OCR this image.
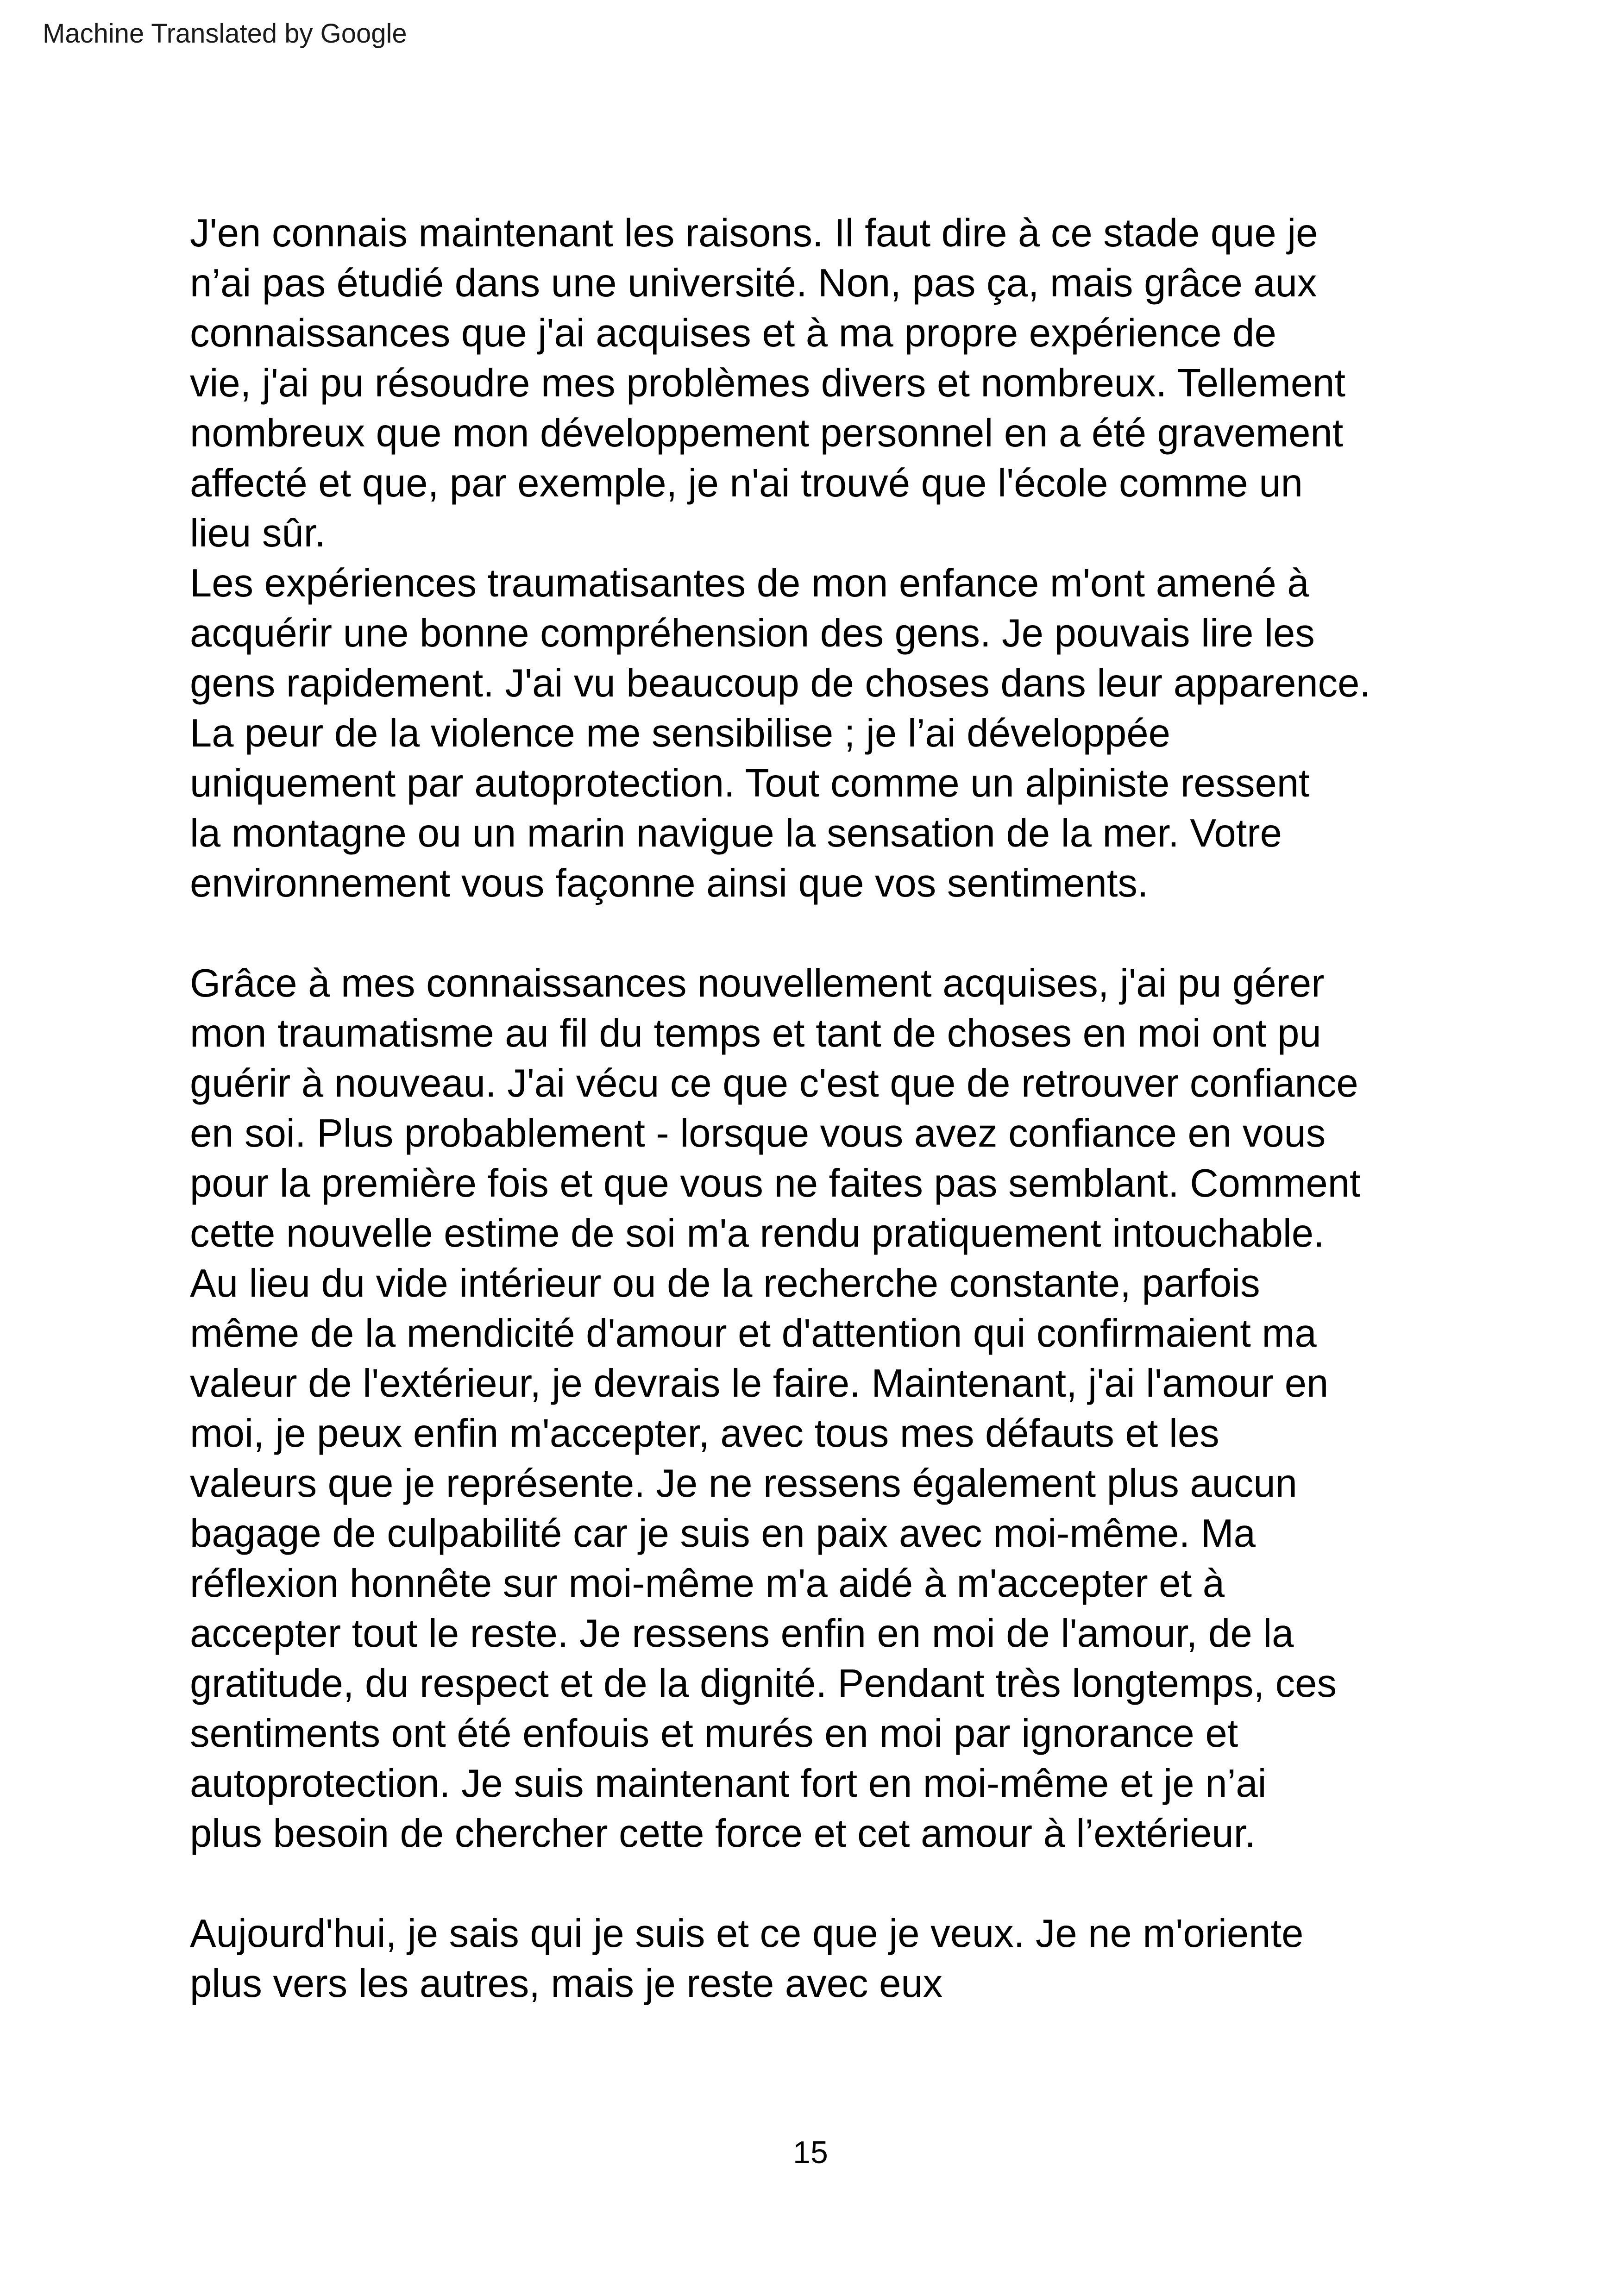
Machine Translated by Google
J'en connais maintenant les raisons. Il faut dire à ce stade que je
n’ai pas étudié dans une université. Non, pas ça, mais grâce aux
connaissances que j'ai acquises et à ma propre expérience de
vie, j'ai pu résoudre mes problèmes divers et nombreux. Tellement
nombreux que mon développement personnel en a été gravement
affecté et que, par exemple, je n'ai trouvé que l'école comme un
lieu sûr.
Les expériences traumatisantes de mon enfance m'ont amené à
acquérir une bonne compréhension des gens. Je pouvais lire les
gens rapidement. J'ai vu beaucoup de choses dans leur apparence.
La peur de la violence me sensibilise ; je l’ai développée
uniquement par autoprotection. Tout comme un alpiniste ressent
la montagne ou un marin navigue la sensation de la mer. Votre
environnement vous façonne ainsi que vos sentiments.
Grâce à mes connaissances nouvellement acquises, j'ai pu gérer
mon traumatisme au fil du temps et tant de choses en moi ont pu
guérir à nouveau. J'ai vécu ce que c'est que de retrouver confiance
en soi. Plus probablement - lorsque vous avez confiance en vous
pour la première fois et que vous ne faites pas semblant. Comment
cette nouvelle estime de soi m'a rendu pratiquement intouchable.
Au lieu du vide intérieur ou de la recherche constante, parfois
même de la mendicité d'amour et d'attention qui confirmaient ma
valeur de l'extérieur, je devrais le faire. Maintenant, j'ai l'amour en
moi, je peux enfin m'accepter, avec tous mes défauts et les
valeurs que je représente. Je ne ressens également plus aucun
bagage de culpabilité car je suis en paix avec moi-même. Ma
réflexion honnête sur moi-même m'a aidé à m'accepter et à
accepter tout le reste. Je ressens enfin en moi de l'amour, de la
gratitude, du respect et de la dignité. Pendant très longtemps, ces
sentiments ont été enfouis et murés en moi par ignorance et
autoprotection. Je suis maintenant fort en moi-même et je n’ai
plus besoin de chercher cette force et cet amour à l’extérieur.
Aujourd'hui, je sais qui je suis et ce que je veux. Je ne m'oriente
plus vers les autres, mais je reste avec eux
15
